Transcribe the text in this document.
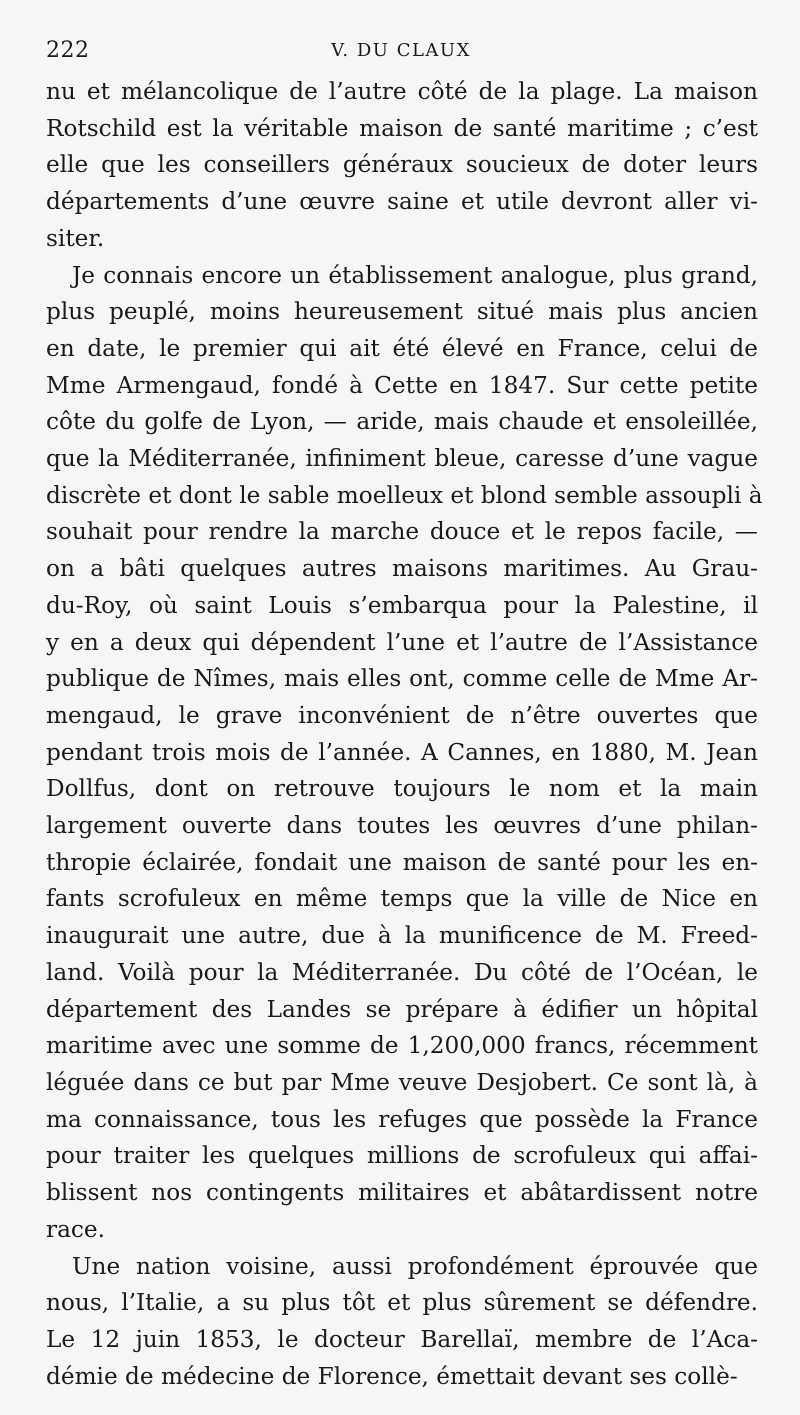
222	V. DU CLAUX

nu et mélancolique de l’autre côté de la plage. La maison
Rotschild est la véritable maison de santé maritime ; c’est
elle que les conseillers généraux soucieux de doter leurs
départements d’une œuvre saine et utile devront aller vi-
siter.

Je connais encore un établissement analogue, plus grand,
plus peuplé, moins heureusement situé mais plus ancien
en date, le premier qui ait été élevé en France, celui de
Mme Armengaud, fondé à Cette en 1847. Sur cette petite
côte du golfe de Lyon, — aride, mais chaude et ensoleillée,
que la Méditerranée, infiniment bleue, caresse d’une vague
discrète et dont le sable moelleux et blond semble assoupli à
souhait pour rendre la marche douce et le repos facile, —
on a bâti quelques autres maisons maritimes. Au Grau-
du-Roy, où saint Louis s’embarqua pour la Palestine, il
y en a deux qui dépendent l’une et l’autre de l’Assistance
publique de Nîmes, mais elles ont, comme celle de Mme Ar-
mengaud, le grave inconvénient de n’être ouvertes que
pendant trois mois de l’année. A Cannes, en 1880, M. Jean
Dollfus, dont on retrouve toujours le nom et la main
largement ouverte dans toutes les œuvres d’une philan-
thropie éclairée, fondait une maison de santé pour les en-
fants scrofuleux en même temps que la ville de Nice en
inaugurait une autre, due à la munificence de M. Freed-
land. Voilà pour la Méditerranée. Du côté de l’Océan, le
département des Landes se prépare à édifier un hôpital
maritime avec une somme de 1,200,000 francs, récemment
léguée dans ce but par Mme veuve Desjobert. Ce sont là, à
ma connaissance, tous les refuges que possède la France
pour traiter les quelques millions de scrofuleux qui affai-
blissent nos contingents militaires et abâtardissent notre
race.

Une nation voisine, aussi profondément éprouvée que
nous, l’Italie, a su plus tôt et plus sûrement se défendre.
Le 12 juin 1853, le docteur Barellaï, membre de l’Aca-
démie de médecine de Florence, émettait devant ses collè-
